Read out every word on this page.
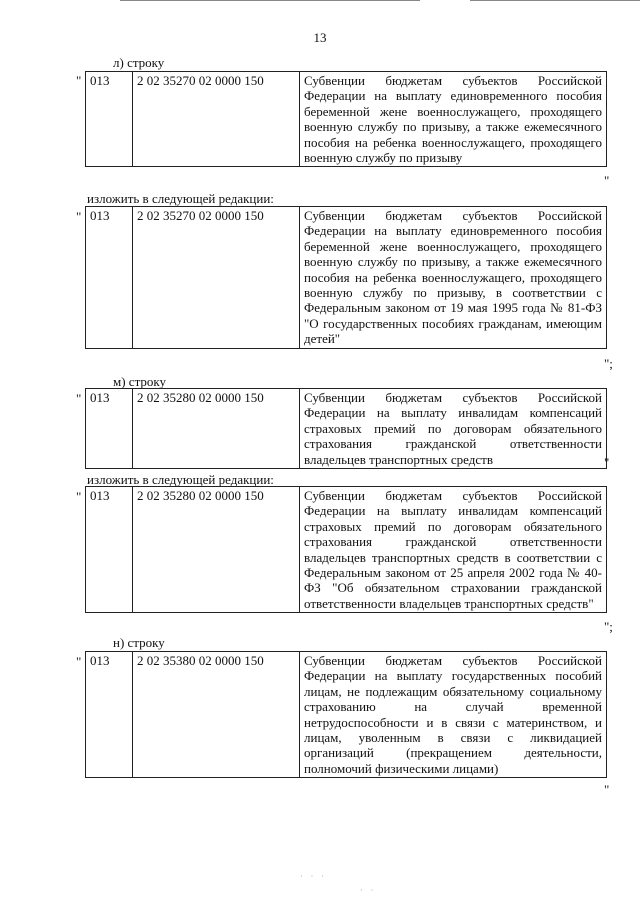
13
л) строку
" 013	2 02 35270 02 0000 150	Субвенции бюджетам субъектов Российской Федерации на выплату единовременного пособия беременной жене военнослужащего, проходящего военную службу по призыву, а также ежемесячного пособия на ребенка военнослужащего, проходящего военную службу по призыву
"
изложить в следующей редакции:
" 013	2 02 35270 02 0000 150	Субвенции бюджетам субъектов Российской Федерации на выплату единовременного пособия беременной жене военнослужащего, проходящего военную службу по призыву, а также ежемесячного пособия на ребенка военнослужащего, проходящего военную службу по призыву, в соответствии с Федеральным законом от 19 мая 1995 года № 81-ФЗ "О государственных пособиях гражданам, имеющим детей"
";
м) строку
" 013	2 02 35280 02 0000 150	Субвенции бюджетам субъектов Российской Федерации на выплату инвалидам компенсаций страховых премий по договорам обязательного страхования гражданской ответственности владельцев транспортных средств	"
изложить в следующей редакции:
" 013	2 02 35280 02 0000 150	Субвенции бюджетам субъектов Российской Федерации на выплату инвалидам компенсаций страховых премий по договорам обязательного страхования гражданской ответственности владельцев транспортных средств в соответствии с Федеральным законом от 25 апреля 2002 года № 40-ФЗ "Об обязательном страховании гражданской ответственности владельцев транспортных средств"
";
н) строку
" 013	2 02 35380 02 0000 150	Субвенции бюджетам субъектов Российской Федерации на выплату государственных пособий лицам, не подлежащим обязательному социальному страхованию на случай временной нетрудоспособности и в связи с материнством, и лицам, уволенным в связи с ликвидацией организаций (прекращением деятельности, полномочий физическими лицами)
"
· · ·
· ·
